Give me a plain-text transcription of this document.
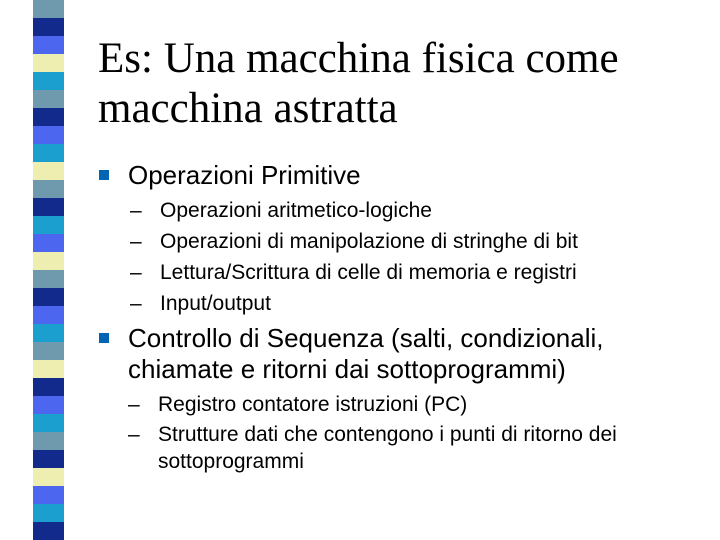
Es: Una macchina fisica come
macchina astratta
Operazioni Primitive
– Operazioni aritmetico-logiche
– Operazioni di manipolazione di stringhe di bit
– Lettura/Scrittura di celle di memoria e registri
– Input/output
Controllo di Sequenza (salti, condizionali,
chiamate e ritorni dai sottoprogrammi)
– Registro contatore istruzioni (PC)
– Strutture dati che contengono i punti di ritorno dei
sottoprogrammi
